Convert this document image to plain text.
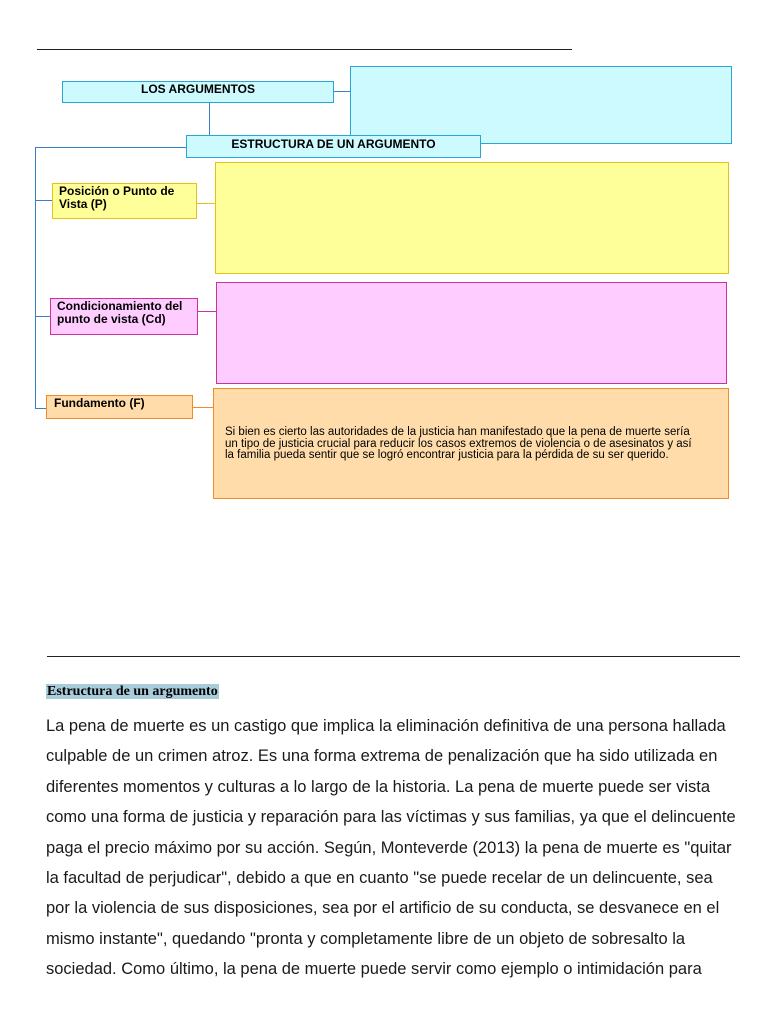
LOS ARGUMENTOS
ESTRUCTURA DE UN ARGUMENTO
Posición o Punto de Vista (P)
Condicionamiento del punto de vista (Cd)
Fundamento (F)
Si bien es cierto las autoridades de la justicia han manifestado que la pena de muerte sería un tipo de justicia crucial para reducir los casos extremos de violencia o de asesinatos y así la familia pueda sentir que se logró encontrar justicia para la pérdida de su ser querido.
Estructura de un argumento
La pena de muerte es un castigo que implica la eliminación definitiva de una persona hallada culpable de un crimen atroz. Es una forma extrema de penalización que ha sido utilizada en diferentes momentos y culturas a lo largo de la historia. La pena de muerte puede ser vista como una forma de justicia y reparación para las víctimas y sus familias, ya que el delincuente paga el precio máximo por su acción. Según, Monteverde (2013) la pena de muerte es "quitar la facultad de perjudicar", debido a que en cuanto "se puede recelar de un delincuente, sea por la violencia de sus disposiciones, sea por el artificio de su conducta, se desvanece en el mismo instante", quedando "pronta y completamente libre de un objeto de sobresalto la sociedad. Como último, la pena de muerte puede servir como ejemplo o intimidación para
